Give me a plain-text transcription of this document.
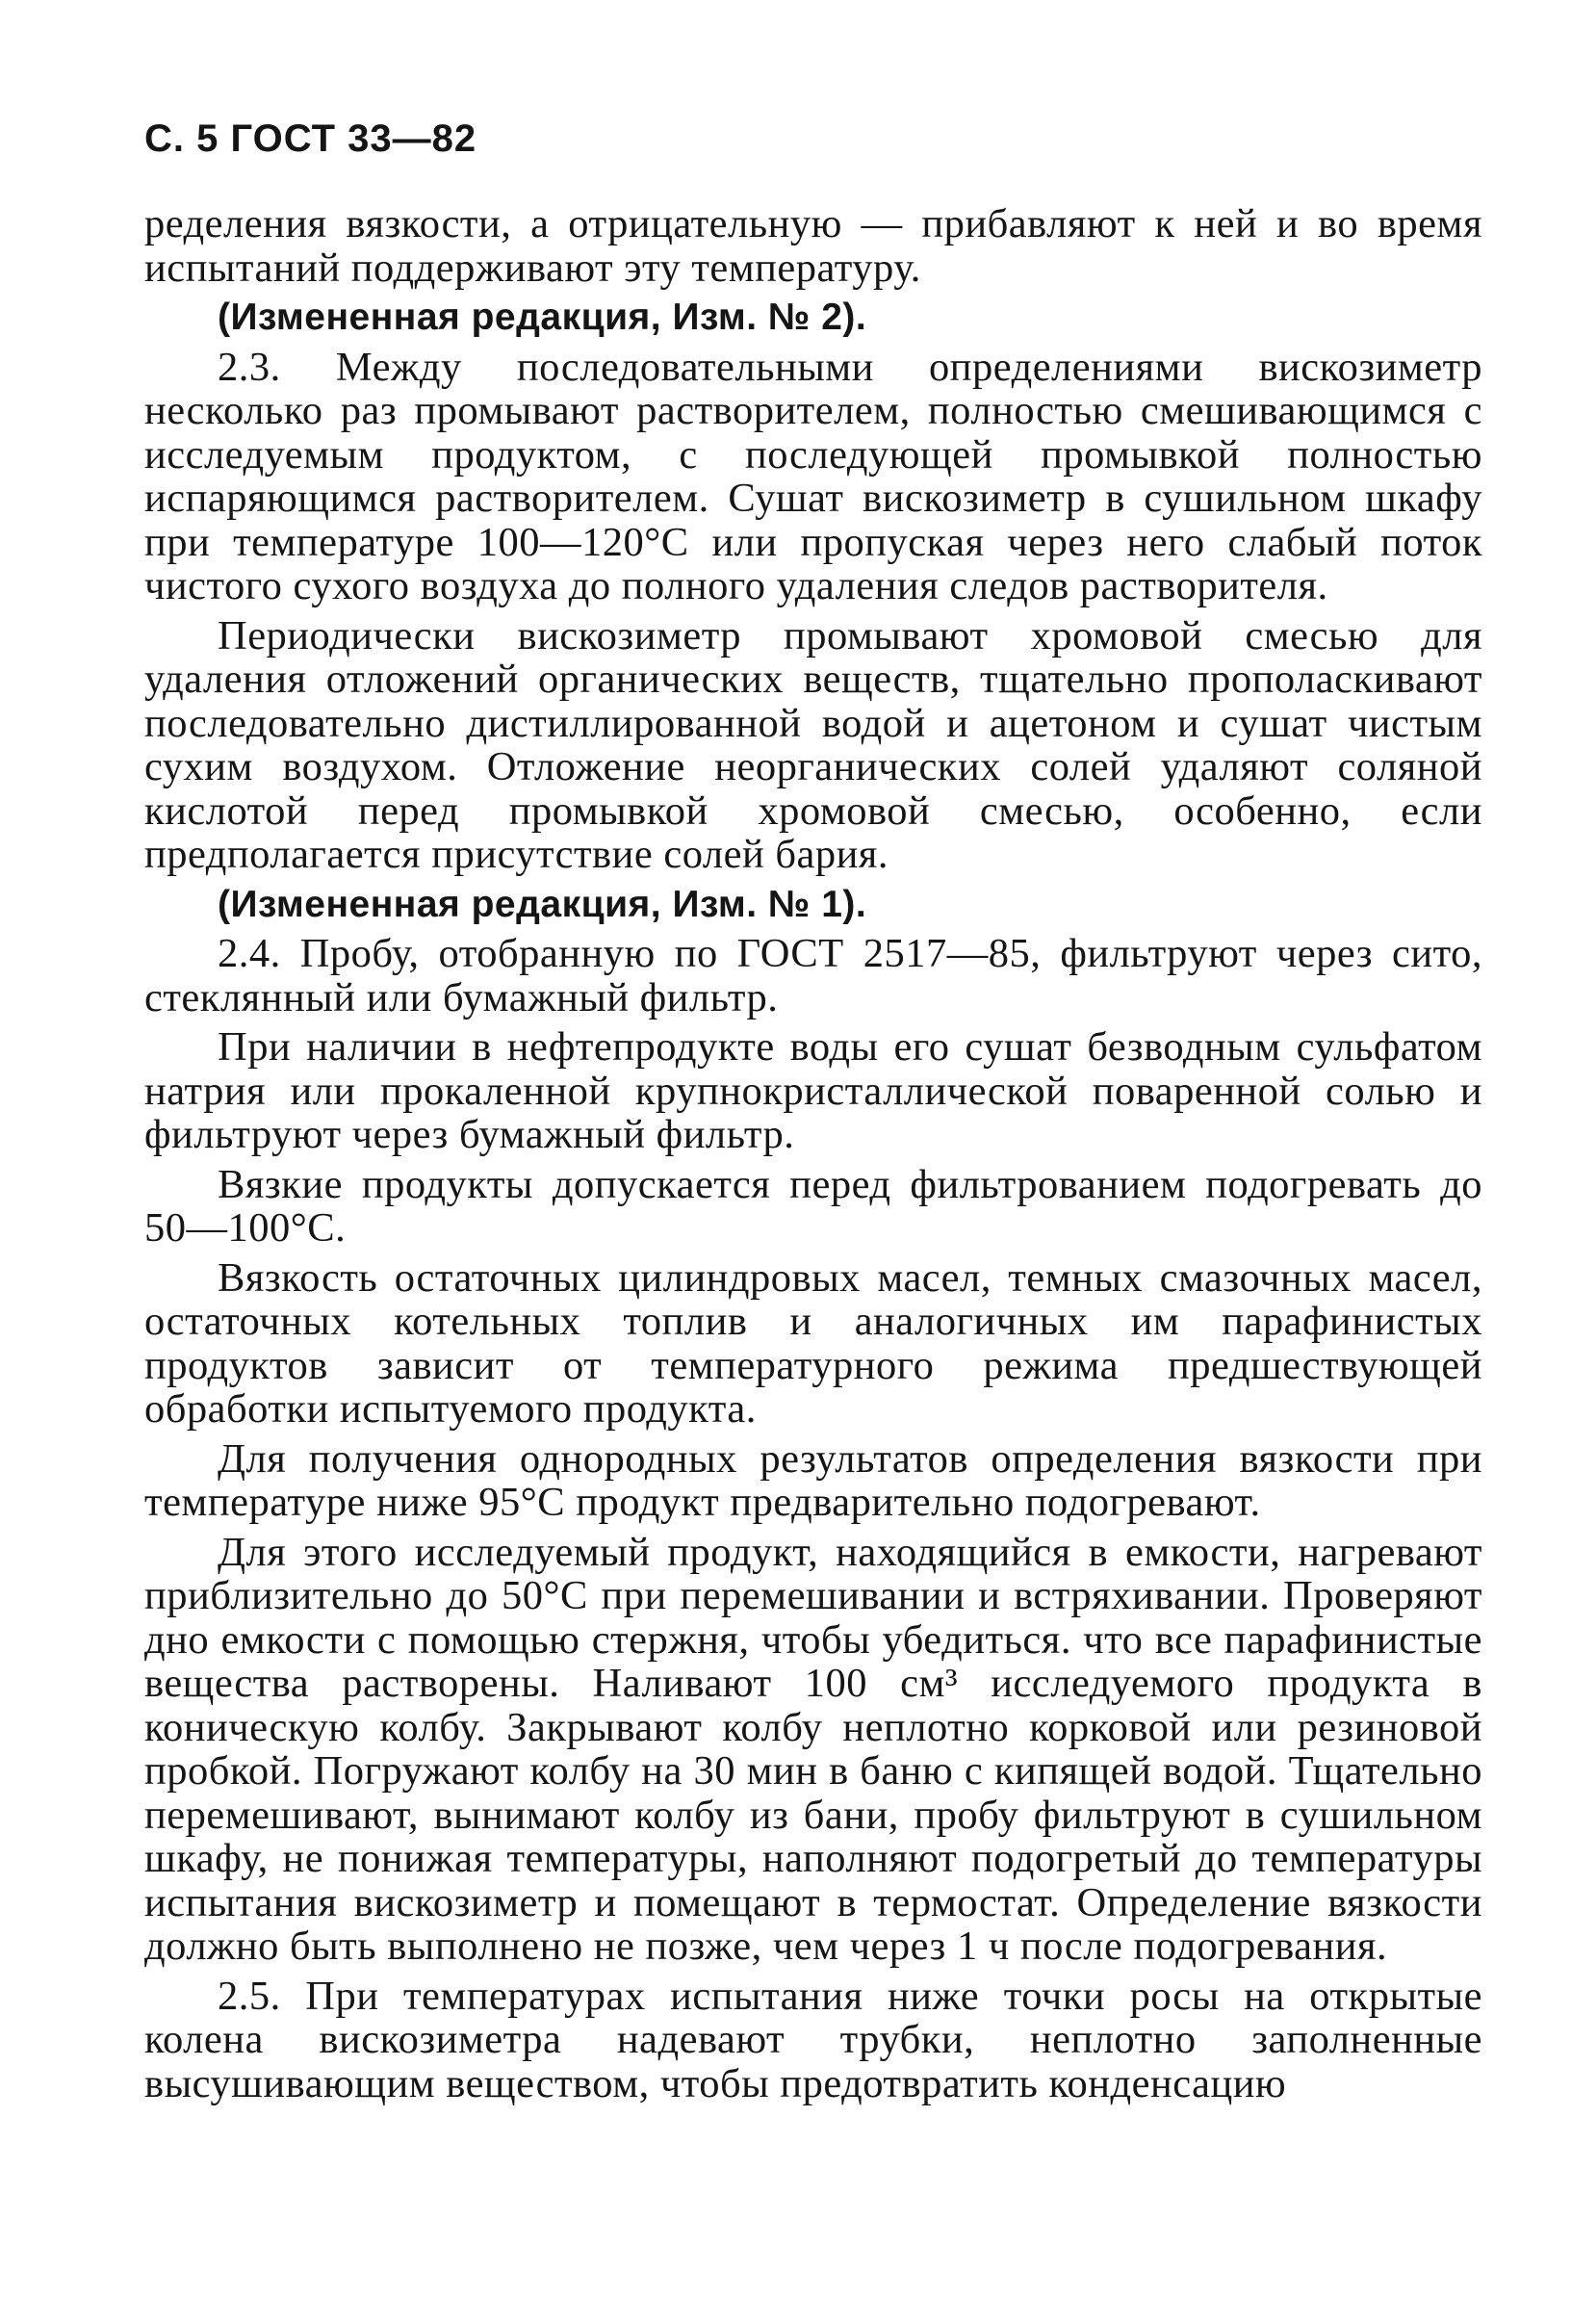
С. 5 ГОСТ 33—82

ределения вязкости, а отрицательную — прибавляют к ней и во время испытаний поддерживают эту температуру.

(Измененная редакция, Изм. № 2).

2.3. Между последовательными определениями вискозиметр несколько раз промывают растворителем, полностью смешивающимся с исследуемым продуктом, с последующей промывкой полностью испаряющимся растворителем. Сушат вискозиметр в сушильном шкафу при температуре 100—120°С или пропуская через него слабый поток чистого сухого воздуха до полного удаления следов растворителя.

Периодически вискозиметр промывают хромовой смесью для удаления отложений органических веществ, тщательно прополаскивают последовательно дистиллированной водой и ацетоном и сушат чистым сухим воздухом. Отложение неорганических солей удаляют соляной кислотой перед промывкой хромовой смесью, особенно, если предполагается присутствие солей бария.

(Измененная редакция, Изм. № 1).

2.4. Пробу, отобранную по ГОСТ 2517—85, фильтруют через сито, стеклянный или бумажный фильтр.

При наличии в нефтепродукте воды его сушат безводным сульфатом натрия или прокаленной крупнокристаллической поваренной солью и фильтруют через бумажный фильтр.

Вязкие продукты допускается перед фильтрованием подогревать до 50—100°С.

Вязкость остаточных цилиндровых масел, темных смазочных масел, остаточных котельных топлив и аналогичных им парафинистых продуктов зависит от температурного режима предшествующей обработки испытуемого продукта.

Для получения однородных результатов определения вязкости при температуре ниже 95°С продукт предварительно подогревают.

Для этого исследуемый продукт, находящийся в емкости, нагревают приблизительно до 50°С при перемешивании и встряхивании. Проверяют дно емкости с помощью стержня, чтобы убедиться. что все парафинистые вещества растворены. Наливают 100 см³ исследуемого продукта в коническую колбу. Закрывают колбу неплотно корковой или резиновой пробкой. Погружают колбу на 30 мин в баню с кипящей водой. Тщательно перемешивают, вынимают колбу из бани, пробу фильтруют в сушильном шкафу, не понижая температуры, наполняют подогретый до температуры испытания вискозиметр и помещают в термостат. Определение вязкости должно быть выполнено не позже, чем через 1 ч после подогревания.

2.5. При температурах испытания ниже точки росы на открытые колена вискозиметра надевают трубки, неплотно заполненные высушивающим веществом, чтобы предотвратить конденсацию
